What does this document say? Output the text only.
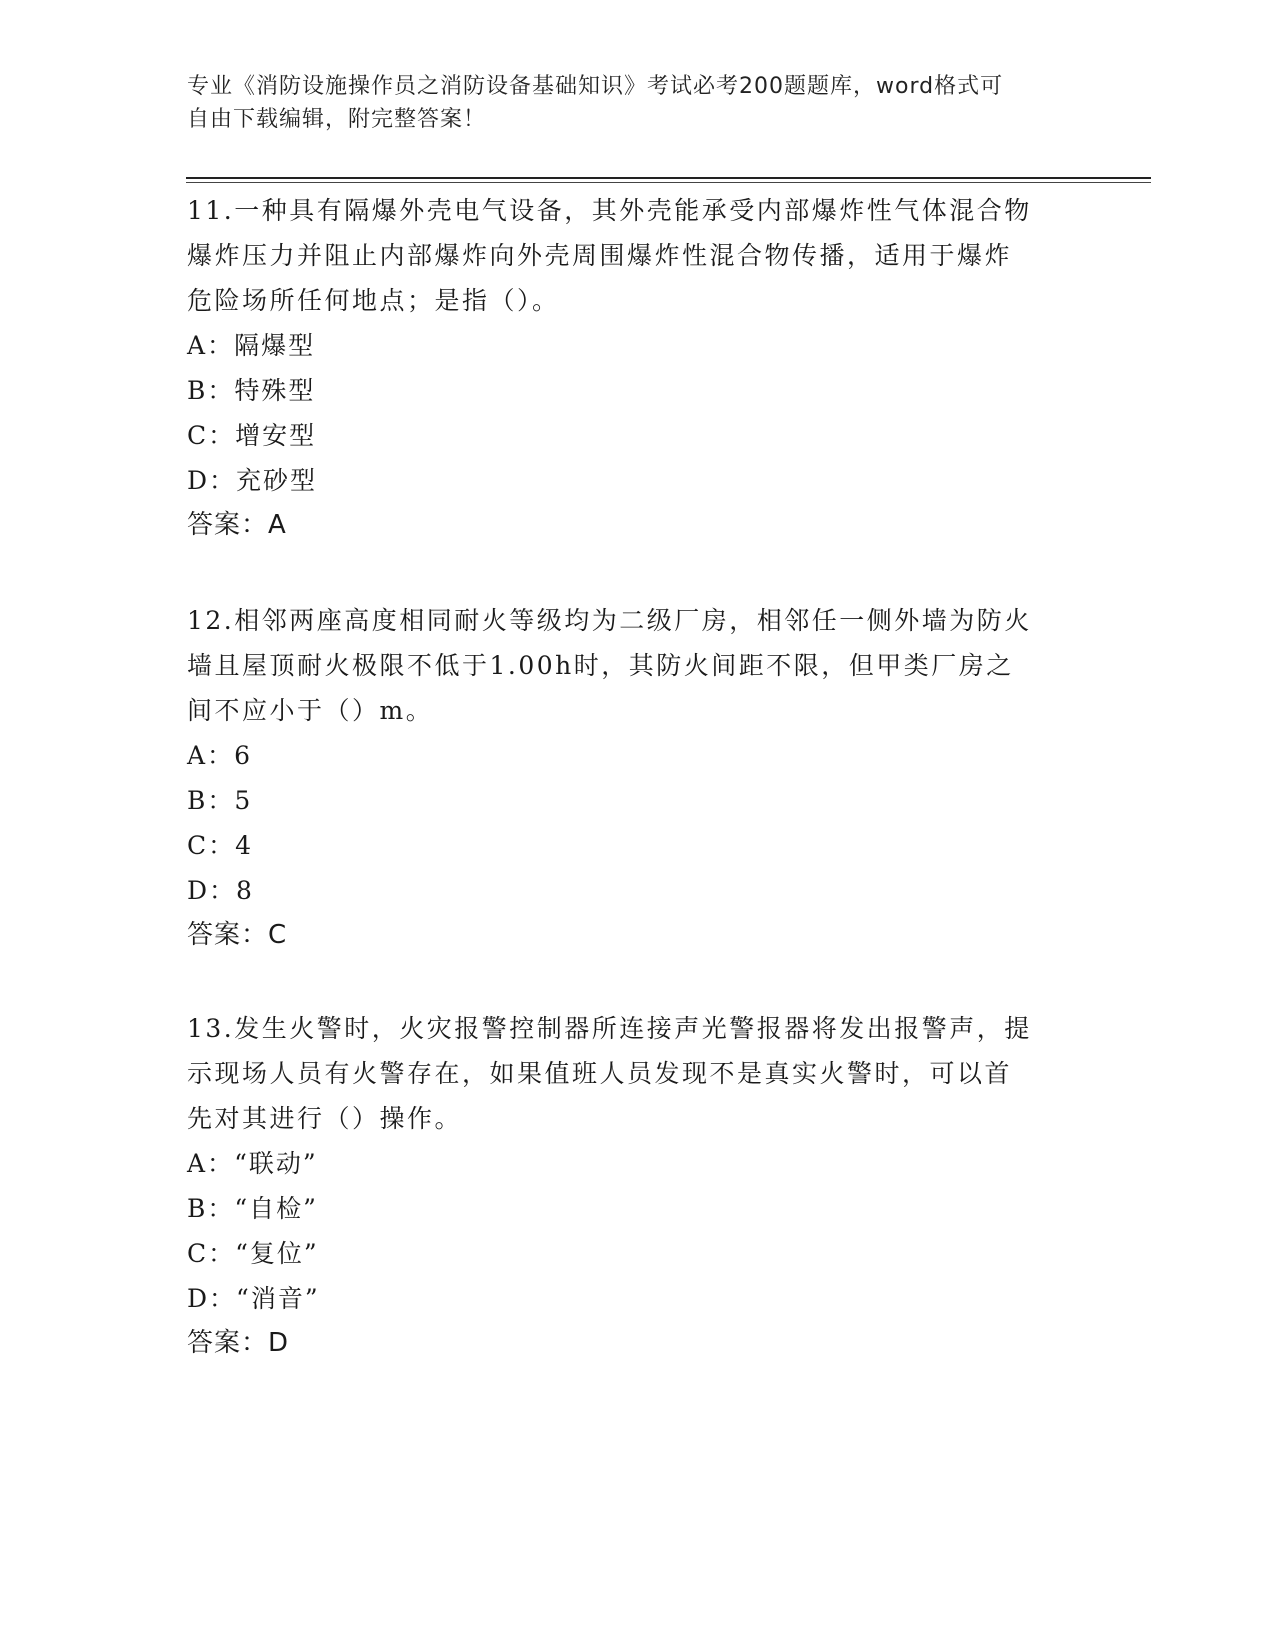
专业《消防设施操作员之消防设备基础知识》考试必考200题题库，word格式可

自由下载编辑，附完整答案！

11.一种具有隔爆外壳电气设备，其外壳能承受内部爆炸性气体混合物

爆炸压力并阻止内部爆炸向外壳周围爆炸性混合物传播，适用于爆炸

危险场所任何地点；是指（）。

A：隔爆型

B：特殊型

C：增安型

D：充砂型

答案：A

12.相邻两座高度相同耐火等级均为二级厂房，相邻任一侧外墙为防火

墙且屋顶耐火极限不低于1.00h时，其防火间距不限，但甲类厂房之

间不应小于（）m。

A：6

B：5

C：4

D：8

答案：C

13.发生火警时，火灾报警控制器所连接声光警报器将发出报警声，提

示现场人员有火警存在，如果值班人员发现不是真实火警时，可以首

先对其进行（）操作。

A：“联动”

B：“自检”

C：“复位”

D：“消音”

答案：D
